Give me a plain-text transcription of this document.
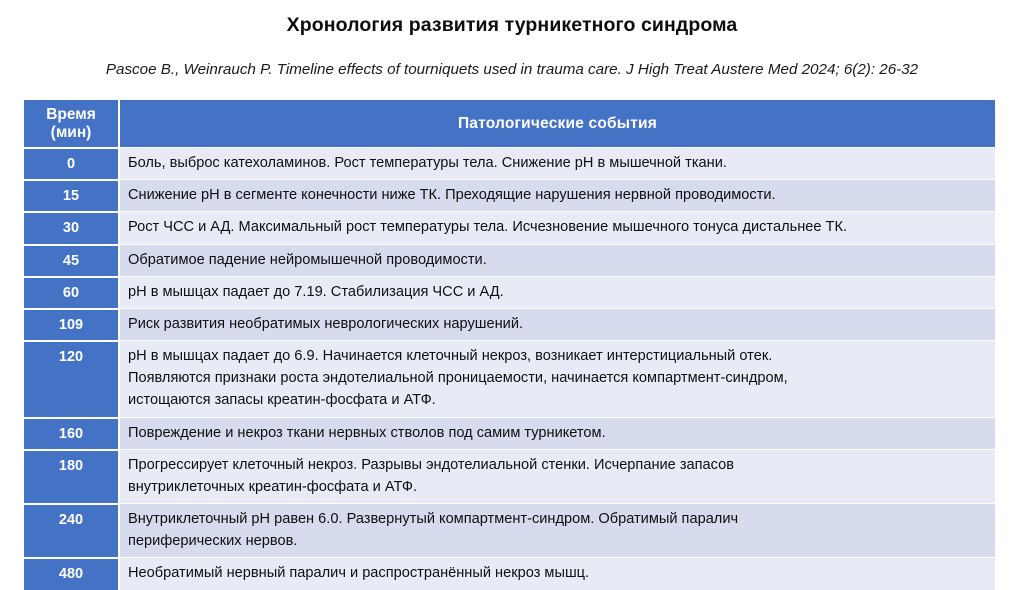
Хронология развития турникетного синдрома
Pascoe B., Weinrauch P. Timeline effects of tourniquets used in trauma care. J High Treat Austere Med 2024; 6(2): 26-32
Время
(мин)	Патологические события
0	Боль, выброс катехоламинов. Рост температуры тела. Снижение pH в мышечной ткани.

15	Снижение pH в сегменте конечности ниже ТК. Преходящие нарушения нервной проводимости.

30	Рост ЧСС и АД. Максимальный рост температуры тела. Исчезновение мышечного тонуса дистальнее ТК.

45	Обратимое падение нейромышечной проводимости.

60	pH в мышцах падает до 7.19. Стабилизация ЧСС и АД.

109	Риск развития необратимых неврологических нарушений.

120	pH в мышцах падает до 6.9. Начинается клеточный некроз, возникает интерстициальный отек.
Появляются признаки роста эндотелиальной проницаемости, начинается компартмент-синдром,
истощаются запасы креатин-фосфата и АТФ.

160	Повреждение и некроз ткани нервных стволов под самим турникетом.

180	Прогрессирует клеточный некроз. Разрывы эндотелиальной стенки. Исчерпание запасов
внутриклеточных креатин-фосфата и АТФ.

240	Внутриклеточный pH равен 6.0. Развернутый компартмент-синдром. Обратимый паралич
периферических нервов.

480	Необратимый нервный паралич и распространённый некроз мышц.
